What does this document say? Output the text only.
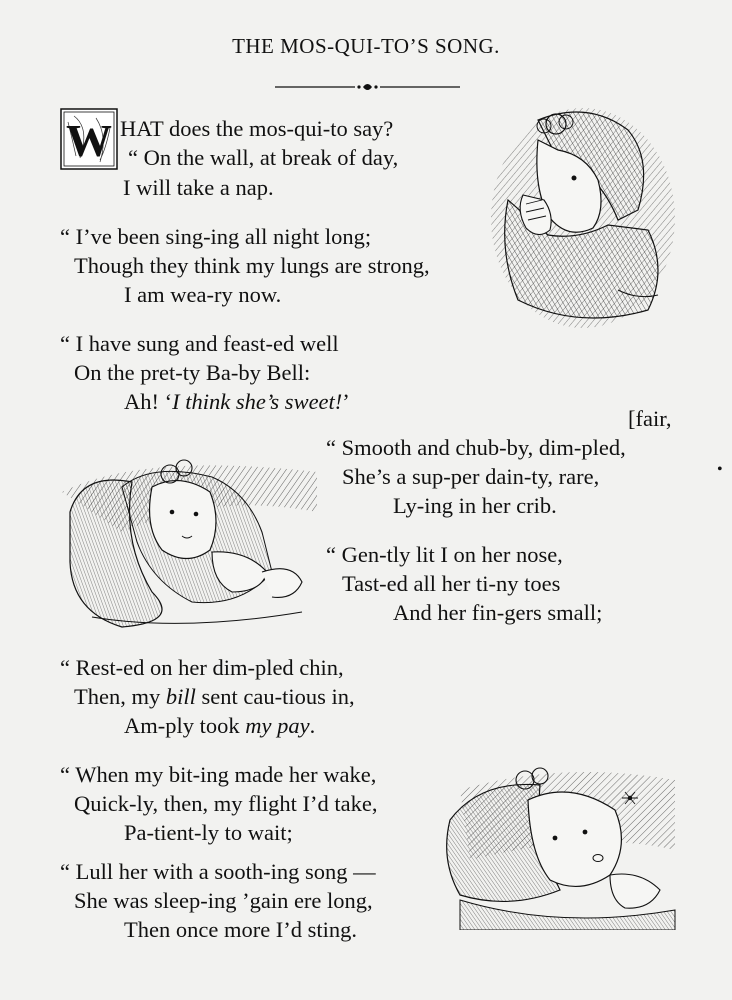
THE MOS-QUI-TO’S SONG.
W HAT does the mos-qui-to say?
“ On the wall, at break of day,
I will take a nap.
“ I’ve been sing-ing all night long;
Though they think my lungs are strong,
I am wea-ry now.
“ I have sung and feast-ed well
On the pret-ty Ba-by Bell:
Ah! ‘I think she’s sweet!’
[fair,
“ Smooth and chub-by, dim-pled,
She’s a sup-per dain-ty, rare,
Ly-ing in her crib.
“ Gen-tly lit I on her nose,
Tast-ed all her ti-ny toes
And her fin-gers small;
“ Rest-ed on her dim-pled chin,
Then, my bill sent cau-tious in,
Am-ply took my pay.
“ When my bit-ing made her wake,
Quick-ly, then, my flight I’d take,
Pa-tient-ly to wait;
“ Lull her with a sooth-ing song —
She was sleep-ing ’gain ere long,
Then once more I’d sting.
•
